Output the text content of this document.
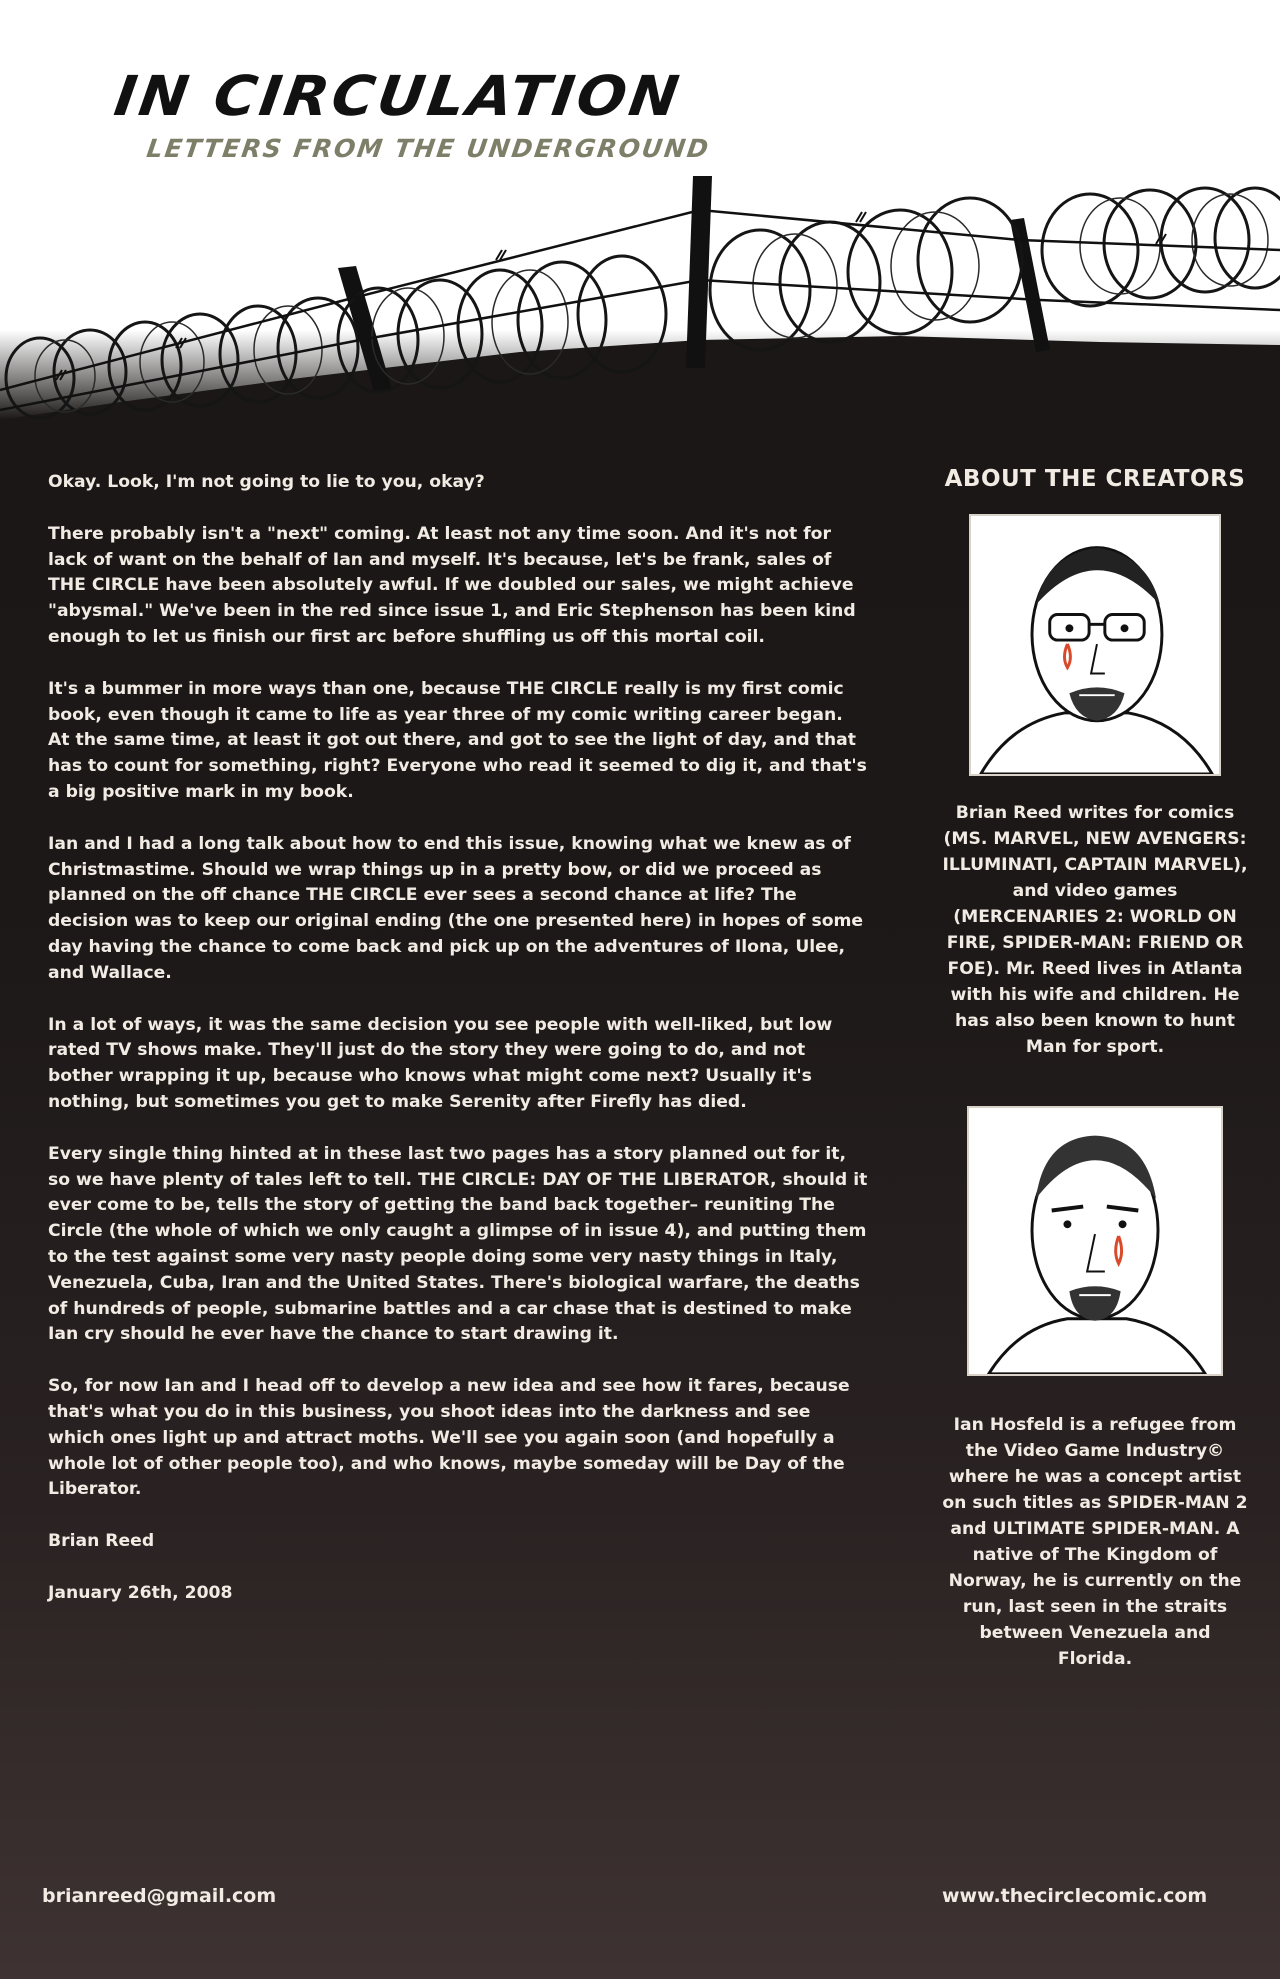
IN CIRCULATION
LETTERS FROM THE UNDERGROUND

Okay. Look, I'm not going to lie to you, okay?

There probably isn't a "next" coming. At least not any time soon. And it's not for lack of want on the behalf of Ian and myself. It's because, let's be frank, sales of THE CIRCLE have been absolutely awful. If we doubled our sales, we might achieve "abysmal." We've been in the red since issue 1, and Eric Stephenson has been kind enough to let us finish our first arc before shuffling us off this mortal coil.

It's a bummer in more ways than one, because THE CIRCLE really is my first comic book, even though it came to life as year three of my comic writing career began. At the same time, at least it got out there, and got to see the light of day, and that has to count for something, right? Everyone who read it seemed to dig it, and that's a big positive mark in my book.

Ian and I had a long talk about how to end this issue, knowing what we knew as of Christmastime. Should we wrap things up in a pretty bow, or did we proceed as planned on the off chance THE CIRCLE ever sees a second chance at life? The decision was to keep our original ending (the one presented here) in hopes of some day having the chance to come back and pick up on the adventures of Ilona, Ulee, and Wallace.

In a lot of ways, it was the same decision you see people with well-liked, but low rated TV shows make. They'll just do the story they were going to do, and not bother wrapping it up, because who knows what might come next? Usually it's nothing, but sometimes you get to make Serenity after Firefly has died.

Every single thing hinted at in these last two pages has a story planned out for it, so we have plenty of tales left to tell. THE CIRCLE: DAY OF THE LIBERATOR, should it ever come to be, tells the story of getting the band back together– reuniting The Circle (the whole of which we only caught a glimpse of in issue 4), and putting them to the test against some very nasty people doing some very nasty things in Italy, Venezuela, Cuba, Iran and the United States. There's biological warfare, the deaths of hundreds of people, submarine battles and a car chase that is destined to make Ian cry should he ever have the chance to start drawing it.

So, for now Ian and I head off to develop a new idea and see how it fares, because that's what you do in this business, you shoot ideas into the darkness and see which ones light up and attract moths. We'll see you again soon (and hopefully a whole lot of other people too), and who knows, maybe someday will be Day of the Liberator.

Brian Reed
January 26th, 2008
ABOUT THE CREATORS
Brian Reed writes for comics (MS. MARVEL, NEW AVENGERS: ILLUMINATI, CAPTAIN MARVEL), and video games (MERCENARIES 2: WORLD ON FIRE, SPIDER-MAN: FRIEND OR FOE). Mr. Reed lives in Atlanta with his wife and children. He has also been known to hunt Man for sport.
Ian Hosfeld is a refugee from the Video Game Industry© where he was a concept artist on such titles as SPIDER-MAN 2 and ULTIMATE SPIDER-MAN. A native of The Kingdom of Norway, he is currently on the run, last seen in the straits between Venezuela and Florida.
brianreed@gmail.com	www.thecirclecomic.com
